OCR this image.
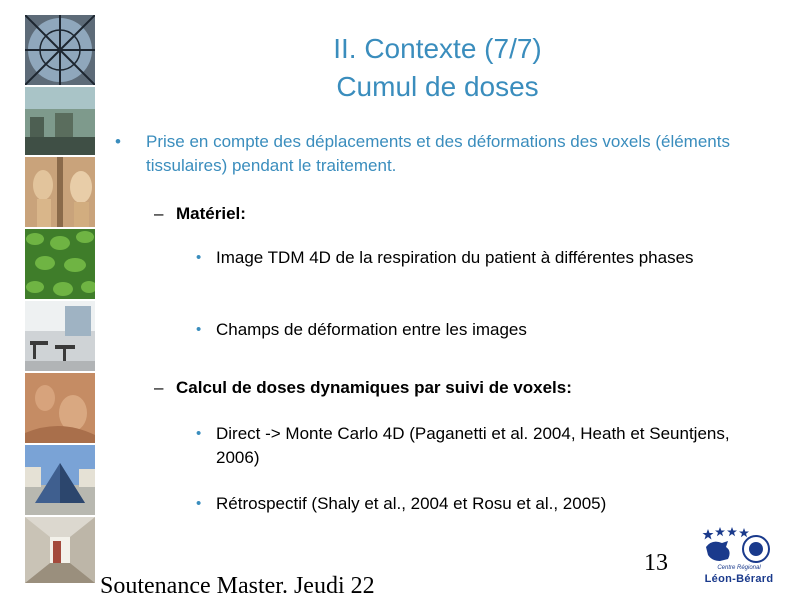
II. Contexte (7/7)
Cumul de doses
• Prise en compte des déplacements et des déformations des voxels (éléments tissulaires) pendant le traitement.
– Matériel:
• Image TDM 4D de la respiration du patient à différentes phases
• Champs de déformation entre les images
– Calcul de doses dynamiques par suivi de voxels:
• Direct -> Monte Carlo 4D (Paganetti et al. 2004, Heath et Seuntjens, 2006)
• Rétrospectif (Shaly et al., 2004 et Rosu et al., 2005)
13
Soutenance Master. Jeudi 22
Centre Régional
Léon-Bérard
